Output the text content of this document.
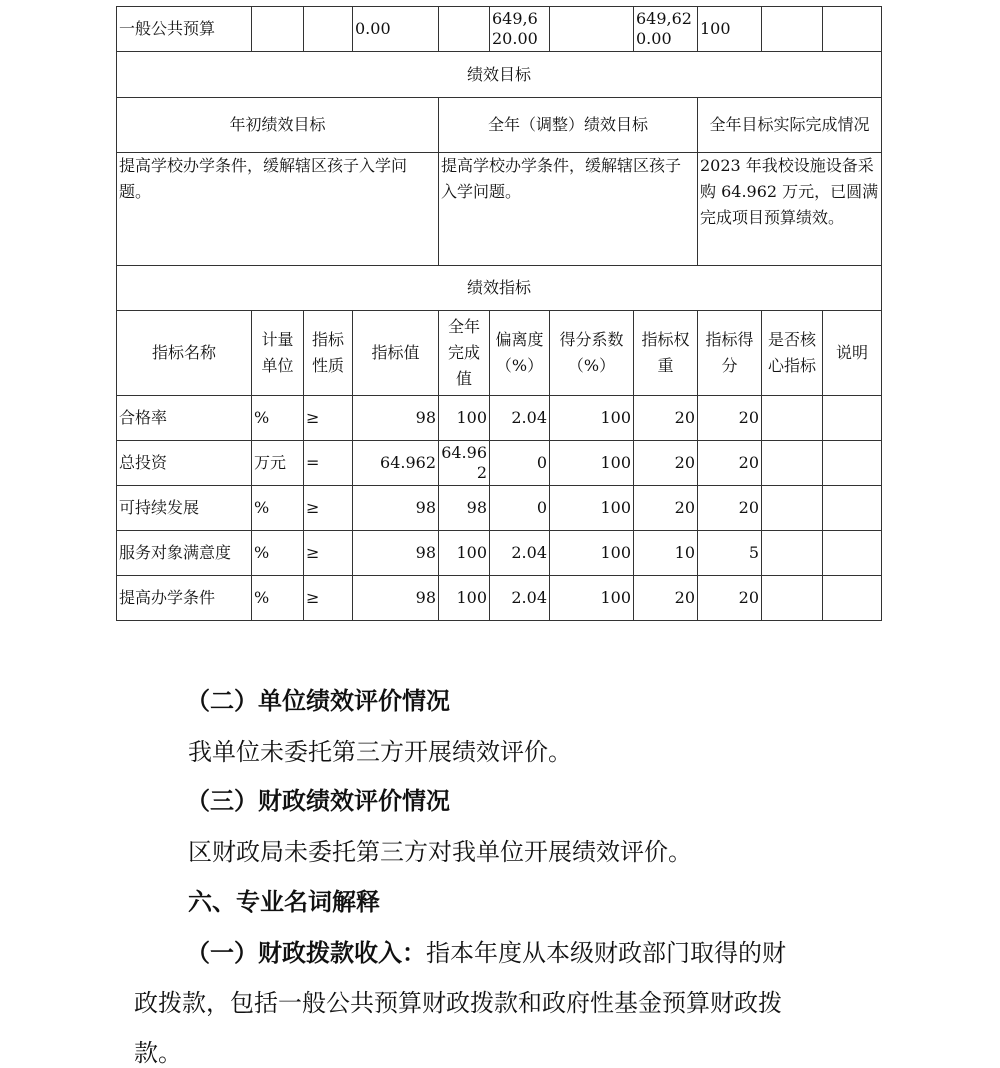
一般公共预算			0.00		649,620.00		649,620.00	100		
绩效目标										
年初绩效目标				全年（调整）绩效目标				全年目标实际完成情况		
提高学校办学条件，缓解辖区孩子入学问题。				提高学校办学条件，缓解辖区孩子入学问题。				2023 年我校设施设备采购 64.962 万元，已圆满完成项目预算绩效。		
绩效指标										
指标名称	计量单位	指标性质	指标值	全年完成值	偏离度（%）	得分系数（%）	指标权重	指标得分	是否核心指标	说明
合格率	%	≥	98	100	2.04	100	20	20		
总投资	万元	=	64.962	64.962	0	100	20	20		
可持续发展	%	≥	98	98	0	100	20	20		
服务对象满意度	%	≥	98	100	2.04	100	10	5		
提高办学条件	%	≥	98	100	2.04	100	20	20		

（二）单位绩效评价情况

我单位未委托第三方开展绩效评价。

（三）财政绩效评价情况

区财政局未委托第三方对我单位开展绩效评价。

六、专业名词解释

（一）财政拨款收入：指本年度从本级财政部门取得的财

政拨款，包括一般公共预算财政拨款和政府性基金预算财政拨

款。
